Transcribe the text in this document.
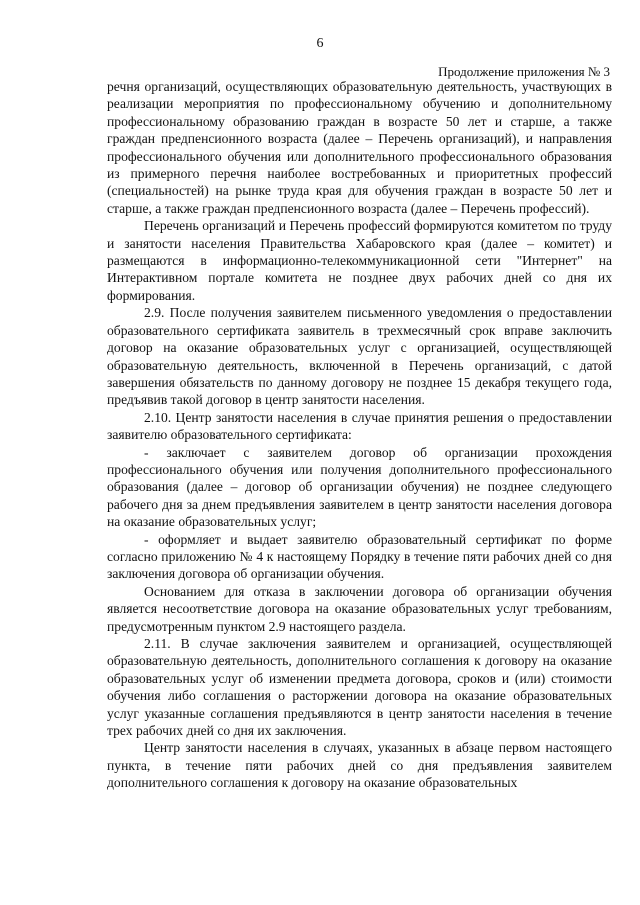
6
Продолжение приложения № 3

речня организаций, осуществляющих образовательную деятельность, участвующих в реализации мероприятия по профессиональному обучению и дополнительному профессиональному образованию граждан в возрасте 50 лет и старше, а также граждан предпенсионного возраста (далее – Перечень организаций), и направления профессионального обучения или дополнительного профессионального образования из примерного перечня наиболее востребованных и приоритетных профессий (специальностей) на рынке труда края для обучения граждан в возрасте 50 лет и старше, а также граждан предпенсионного возраста (далее – Перечень профессий).

Перечень организаций и Перечень профессий формируются комитетом по труду и занятости населения Правительства Хабаровского края (далее – комитет) и размещаются в информационно-телекоммуникационной сети "Интернет" на Интерактивном портале комитета не позднее двух рабочих дней со дня их формирования.

2.9. После получения заявителем письменного уведомления о предоставлении образовательного сертификата заявитель в трехмесячный срок вправе заключить договор на оказание образовательных услуг с организацией, осуществляющей образовательную деятельность, включенной в Перечень организаций, с датой завершения обязательств по данному договору не позднее 15 декабря текущего года, предъявив такой договор в центр занятости населения.

2.10. Центр занятости населения в случае принятия решения о предоставлении заявителю образовательного сертификата:

- заключает с заявителем договор об организации прохождения профессионального обучения или получения дополнительного профессионального образования (далее – договор об организации обучения) не позднее следующего рабочего дня за днем предъявления заявителем в центр занятости населения договора на оказание образовательных услуг;

- оформляет и выдает заявителю образовательный сертификат по форме согласно приложению № 4 к настоящему Порядку в течение пяти рабочих дней со дня заключения договора об организации обучения.

Основанием для отказа в заключении договора об организации обучения является несоответствие договора на оказание образовательных услуг требованиям, предусмотренным пунктом 2.9 настоящего раздела.

2.11. В случае заключения заявителем и организацией, осуществляющей образовательную деятельность, дополнительного соглашения к договору на оказание образовательных услуг об изменении предмета договора, сроков и (или) стоимости обучения либо соглашения о расторжении договора на оказание образовательных услуг указанные соглашения предъявляются в центр занятости населения в течение трех рабочих дней со дня их заключения.

Центр занятости населения в случаях, указанных в абзаце первом настоящего пункта, в течение пяти рабочих дней со дня предъявления заявителем дополнительного соглашения к договору на оказание образовательных
